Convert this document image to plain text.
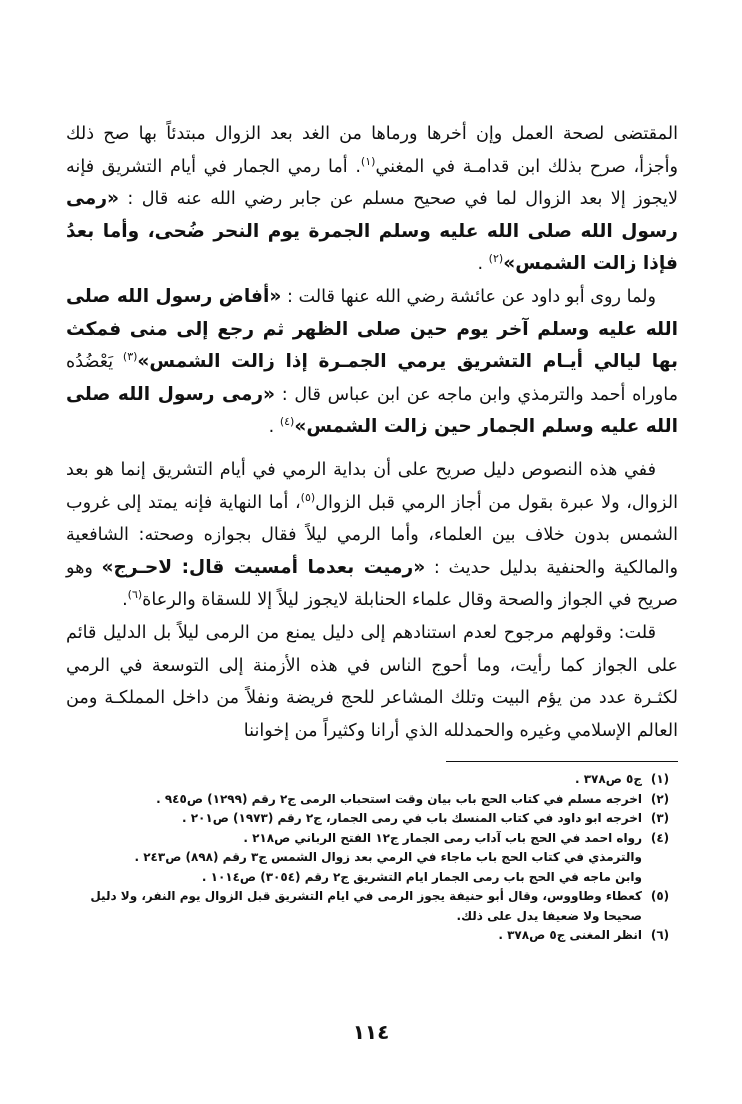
المقتضى لصحة العمل وإن أخرها ورماها من الغد بعد الزوال مبتدئاً بها صح ذلك وأجزأ، صرح بذلك ابن قدامـة في المغني$^{(١)}$. أما رمي الجمار في أيام التشريق فإنه لايجوز إلا بعد الزوال لما في صحيح مسلم عن جابر رضي الله عنه قال : «رمى رسول الله صلى الله عليه وسلم الجمرة يوم النحر ضُحى، وأما بعدُ فإذا زالت الشمس»$^{(٢)}$ .

ولما روى أبو داود عن عائشة رضي الله عنها قالت : «أفاض رسول الله صلى الله عليه وسلم آخر يوم حين صلى الظهر ثم رجع إلى منى فمكث بها ليالي أيـام التشريق يرمي الجمـرة إذا زالت الشمس»$^{(٣)}$ يَعْضُدُه ماوراه أحمد والترمذي وابن ماجه عن ابن عباس قال : «رمى رسول الله صلى الله عليه وسلم الجمار حين زالت الشمس»$^{(٤)}$ .

ففي هذه النصوص دليل صريح على أن بداية الرمي في أيام التشريق إنما هو بعد الزوال، ولا عبرة بقول من أجاز الرمي قبل الزوال$^{(٥)}$، أما النهاية فإنه يمتد إلى غروب الشمس بدون خلاف بين العلماء، وأما الرمي ليلاً فقال بجوازه وصحته: الشافعية والمالكية والحنفية بدليل حديث : «رميت بعدما أمسيت قال: لاحـرج» وهو صريح في الجواز والصحة وقال علماء الحنابلة لايجوز ليلاً إلا للسقاة والرعاة$^{(٦)}$.

قلت: وقولهم مرجوح لعدم استنادهم إلى دليل يمنع من الرمى ليلاً بل الدليل قائم على الجواز كما رأيت، وما أحوج الناس في هذه الأزمنة إلى التوسعة في الرمي لكثـرة عدد من يؤم البيت وتلك المشاعر للحج فريضة ونفلاً من داخل المملكـة ومن العالم الإسلامي وغيره والحمدلله الذي أرانا وكثيراً من إخواننا

(١)
ج٥ ص٣٧٨ .
(٢)
اخرجه مسلم في كتاب الحج باب بيان وقت استحباب الرمى ج٢ رقم (١٢٩٩) ص٩٤٥ .
(٣)
اخرجه ابو داود في كتاب المنسك باب في رمى الجمار، ج٢ رقم (١٩٧٣) ص٢٠١ .
(٤)
رواه احمد في الحج باب آداب رمى الجمار ج١٢ الفتح الرباني ص٢١٨ .
والترمذي في كتاب الحج باب ماجاء في الرمي بعد زوال الشمس ج٣ رقم (٨٩٨) ص٢٤٣ .
وابن ماجه في الحج باب رمى الجمار ايام التشريق ج٢ رقم (٣٠٥٤) ص١٠١٤ .
(٥)
كعطاء وطاووس، وقال أبو حنيفة يجوز الرمى في ايام التشريق قبل الزوال يوم النفر، ولا دليل صحيحا ولا ضعيفا يدل على ذلك.
(٦)
انظر المغنى ج٥ ص٣٧٨ .
١١٤
